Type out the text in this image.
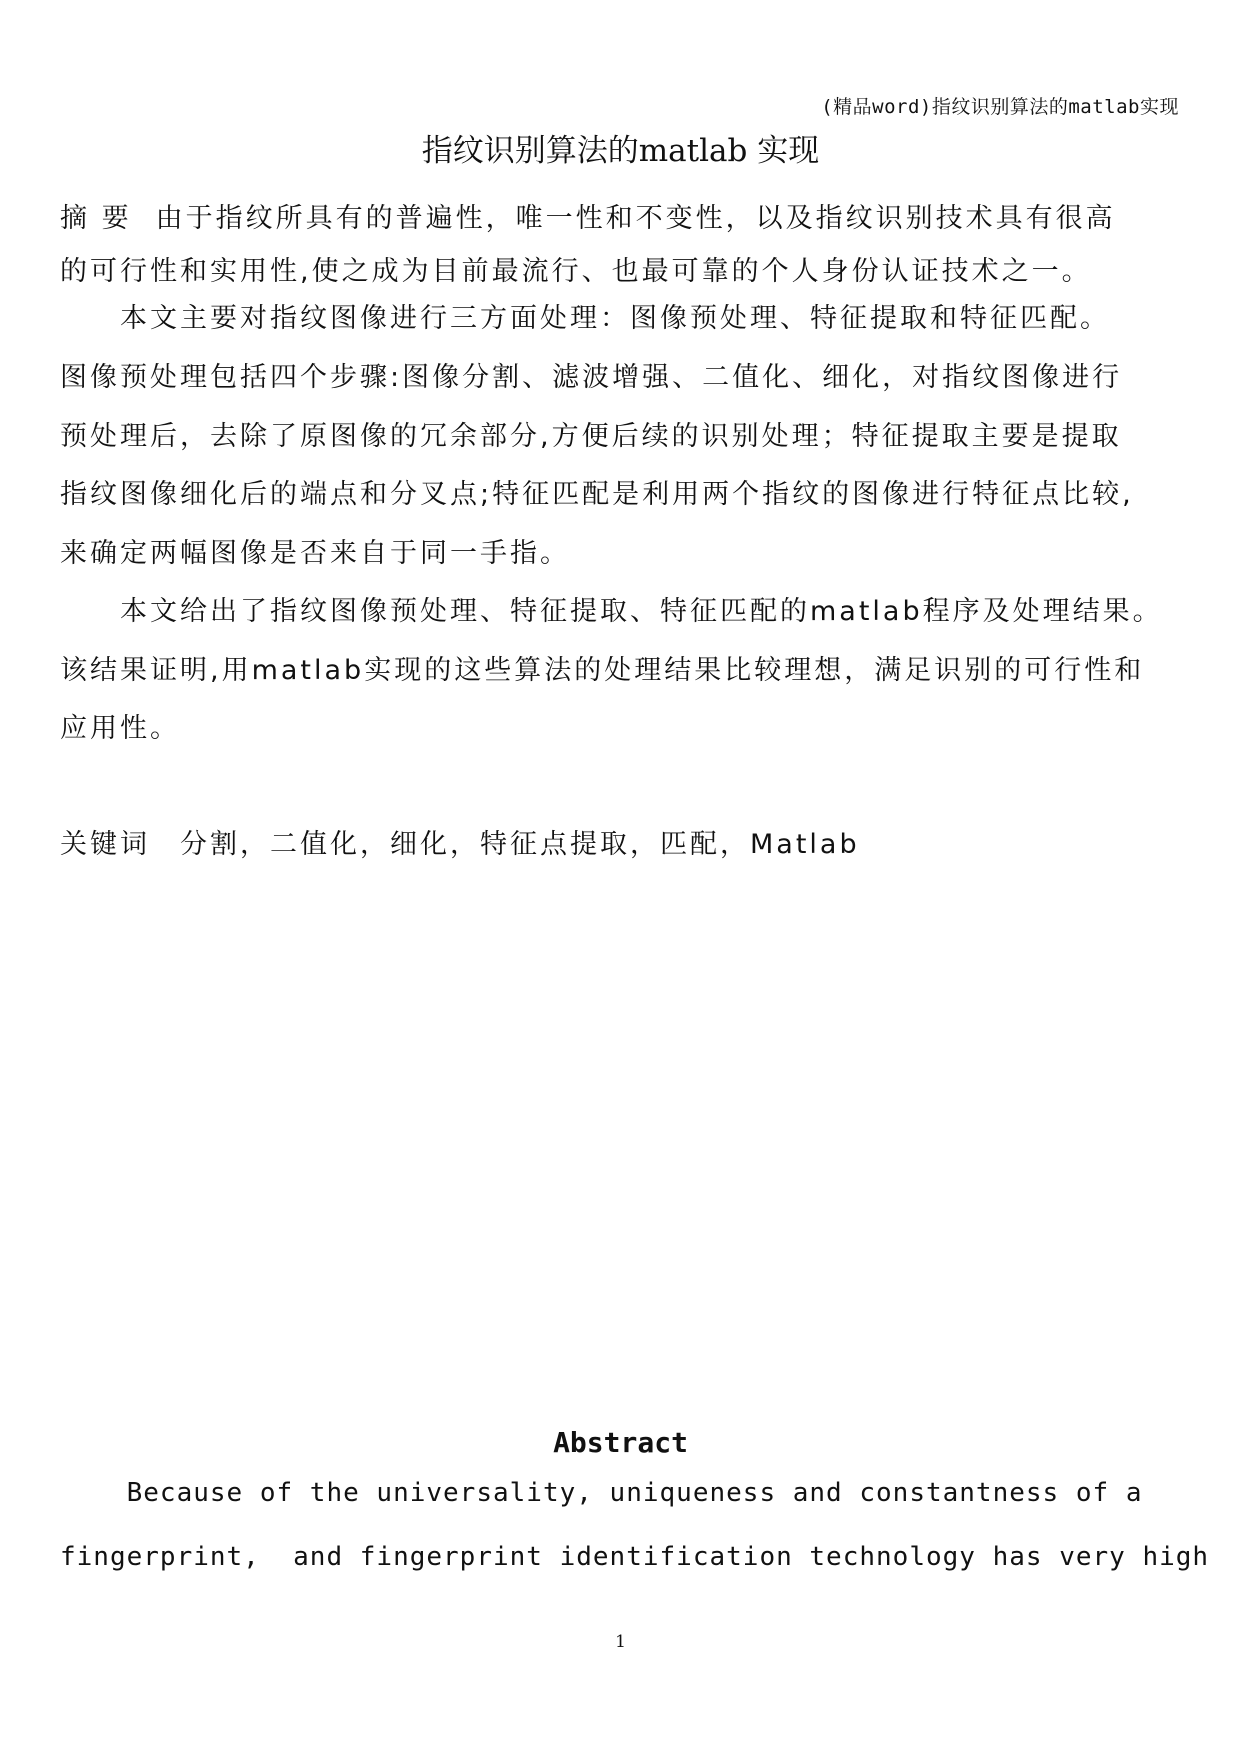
(精品word)指纹识别算法的matlab实现
指纹识别算法的matlab 实现
摘 要 由于指纹所具有的普遍性，唯一性和不变性，以及指纹识别技术具有很高
的可行性和实用性,使之成为目前最流行、也最可靠的个人身份认证技术之一。
　　本文主要对指纹图像进行三方面处理：图像预处理、特征提取和特征匹配。
图像预处理包括四个步骤:图像分割、滤波增强、二值化、细化，对指纹图像进行
预处理后，去除了原图像的冗余部分,方便后续的识别处理；特征提取主要是提取
指纹图像细化后的端点和分叉点;特征匹配是利用两个指纹的图像进行特征点比较,
来确定两幅图像是否来自于同一手指。
　　本文给出了指纹图像预处理、特征提取、特征匹配的matlab程序及处理结果。
该结果证明,用matlab实现的这些算法的处理结果比较理想，满足识别的可行性和
应用性。
关键词 分割，二值化，细化，特征点提取，匹配，Matlab
Abstract
Because of the universality, uniqueness and constantness of a
fingerprint,  and fingerprint identification technology has very high
1
